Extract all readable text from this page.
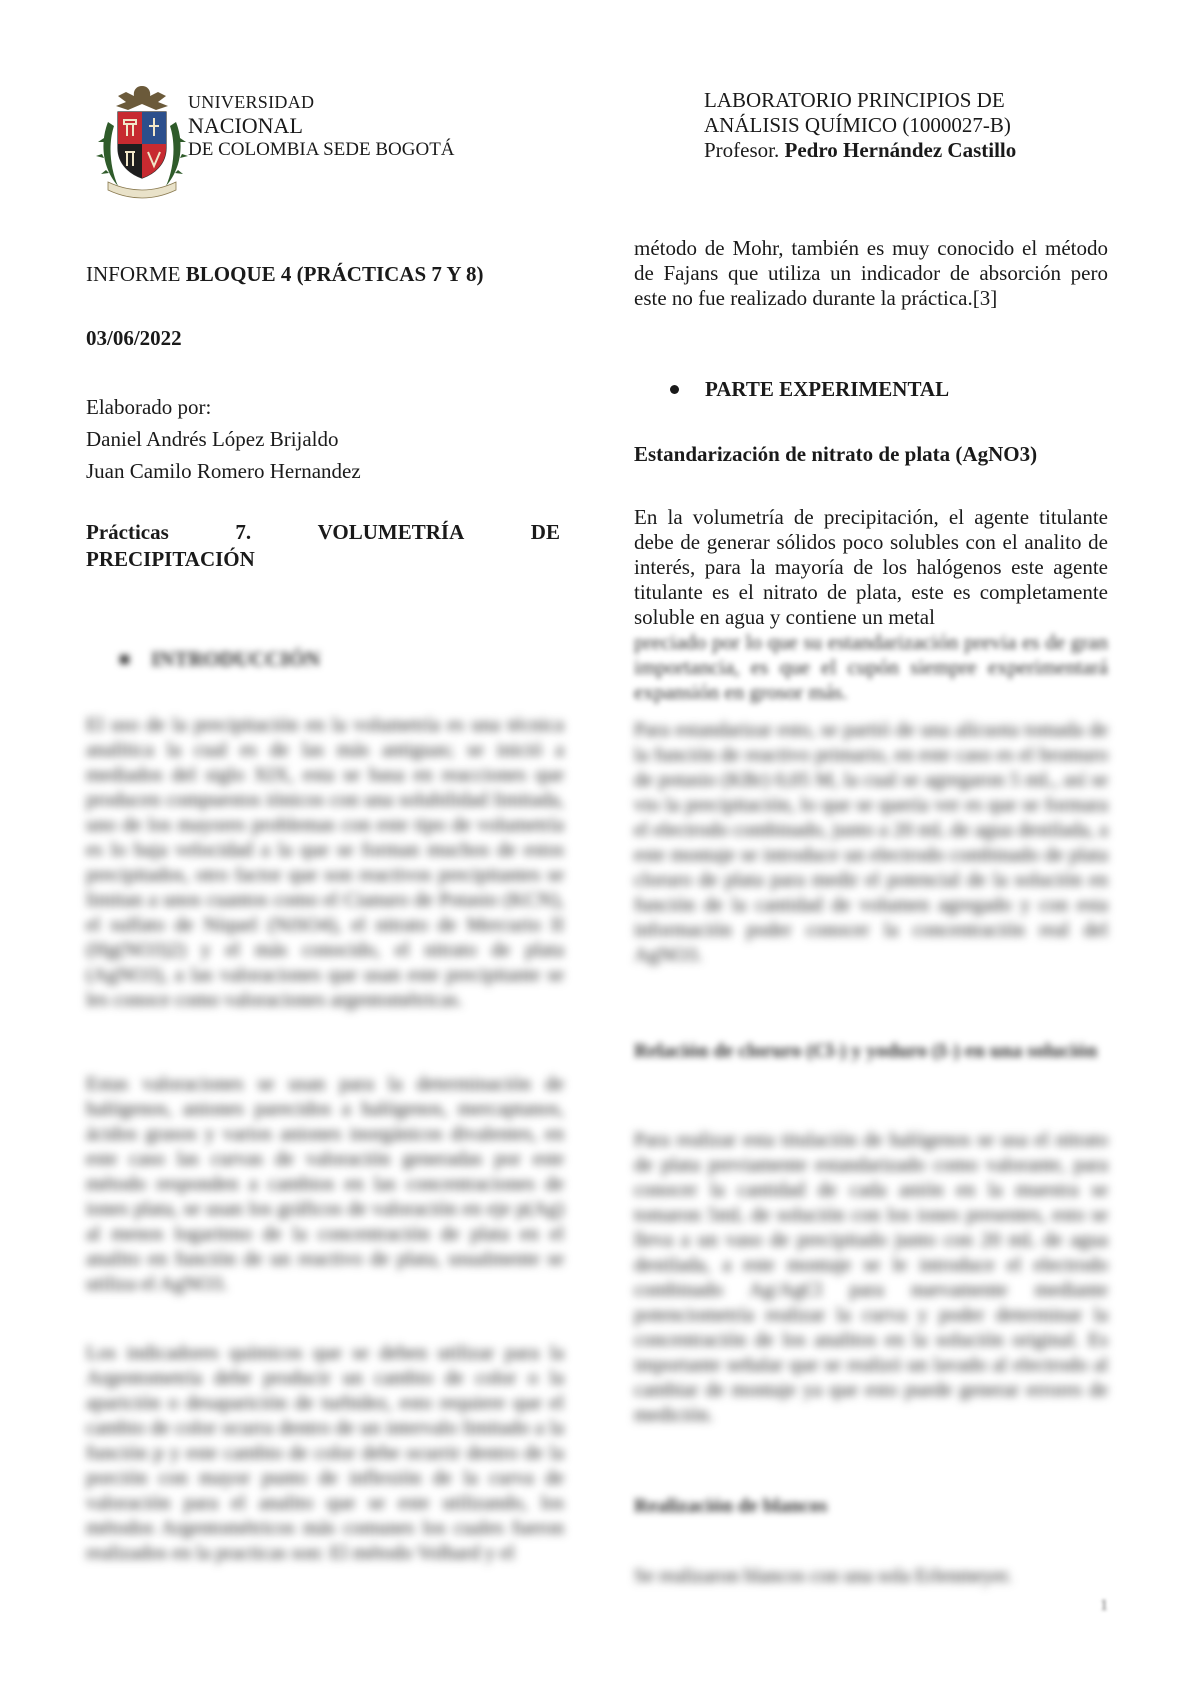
UNIVERSIDAD
NACIONAL
DE COLOMBIA SEDE BOGOTÁ
LABORATORIO PRINCIPIOS DE
ANÁLISIS QUÍMICO (1000027-B)
Profesor. Pedro Hernández Castillo
INFORME BLOQUE 4 (PRÁCTICAS 7 Y 8)
03/06/2022
Elaborado por:
Daniel Andrés López Brijaldo
Juan Camilo Romero Hernandez
Prácticas	7.	VOLUMETRÍA	DE
PRECIPITACIÓN
INTRODUCCIÓN
El uso de la precipitación en la volumetría es una técnica analítica la cual es de las más antiguas; se inició a mediados del siglo XIX, esta se basa en reacciones que producen compuestos iónicos con una solubilidad limitada, uno de los mayores problemas con este tipo de volumetría es lo baja velocidad a la que se forman muchos de estos precipitados, otro factor que son reactivos precipitantes se limitan a unos cuantos como el Cianuro de Potasio (KCN), el sulfato de Níquel (NiSO4), el nitrato de Mercurio II (Hg(NO3)2) y el más conocido, el nitrato de plata (AgNO3), a las valoraciones que usan este precipitante se les conoce como valoraciones argentométricas.
Estas valoraciones se usan para la determinación de halógenos, aniones parecidos a halógenos, mercaptanos, ácidos grasos y varios aniones inorgánicos divalentes, en este caso las curvas de valoración generadas por este método responden a cambios en las concentraciones de iones plata, se usan los gráficos de valoración en eje p(Ag) al menos logaritmo de la concentración de plata en el analito en función de un reactivo de plata, usualmente se utiliza el AgNO3.
Los indicadores químicos que se deben utilizar para la Argentometría debe producir un cambio de color o la aparición o desaparición de turbidez, esto requiere que el cambio de color ocurra dentro de un intervalo limitado a la función p y este cambio de color debe ocurrir dentro de la porción con mayor punto de inflexión de la curva de valoración para el analito que se este utilizando, los métodos Argentométricos más comunes los cuales fueron realizados en la practicas son: El método Volhard y el
método de Mohr, también es muy conocido el método de Fajans que utiliza un indicador de absorción pero este no fue realizado durante la práctica.[3]
PARTE EXPERIMENTAL
Estandarización de nitrato de plata (AgNO3)
En la volumetría de precipitación, el agente titulante debe de generar sólidos poco solubles con el analito de interés, para la mayoría de los halógenos este agente titulante es el nitrato de plata, este es completamente soluble en agua y contiene un metal
preciado por lo que su estandarización previa es de gran importancia, es que el cupón siempre experimentará expansión en grosor más.
Para estandarizar esto, se partió de una alícuota tomada de la función de reactivo primario, en este caso es el bromuro de potasio (KBr) 0,05 M, la cual se agregaron 5 mL, así se vio la precipitación, lo que se quería ver es que se formara el electrodo combinado, junto a 20 mL de agua destilada, a este montaje se introduce un electrodo combinado de plata cloruro de plata para medir el potencial de la solución en función de la cantidad de volumen agregado y con esta información poder conocer la concentración real del AgNO3.
Relación de cloruro (Cl-) y yoduro (I-) en una solución
Para realizar esta titulación de halógenos se usa el nitrato de plata previamente estandarizado como valorante, para conocer la cantidad de cada anión en la muestra se tomaron 5mL de solución con los iones presentes, esto se lleva a un vaso de precipitado junto con 20 mL de agua destilada, a este montaje se le introduce el electrodo combinado Ag/AgCl para nuevamente mediante potenciometría realizar la curva y poder determinar la concentración de los analitos en la solución original. Es importante señalar que se realizó un lavado al electrodo al cambiar de montaje ya que esto puede generar errores de medición.
Realización de blancos
Se realizaron blancos con una sola Erlenmeyer.
1
